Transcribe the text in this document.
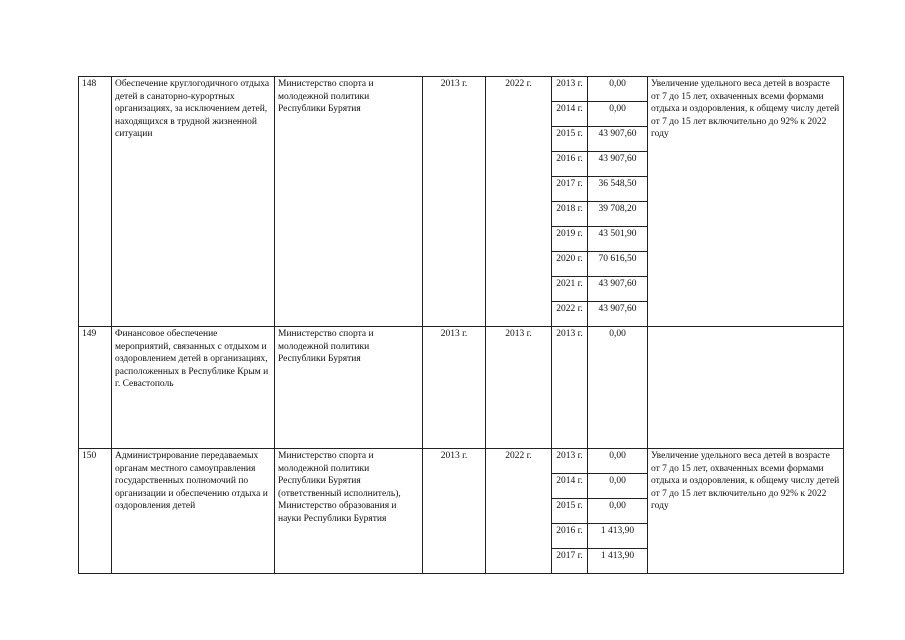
148	Обеспечение круглогодичного отдыха детей в санаторно-курортных организациях, за исключением детей, находящихся в трудной жизненной ситуации	Министерство спорта и молодежной политики Республики Бурятия	2013 г.	2022 г.	2013 г.	0,00	Увеличение удельного веса детей в возрасте от 7 до 15 лет, охваченных всеми формами отдыха и оздоровления, к общему числу детей от 7 до 15 лет включительно до 92% к 2022 году
					2014 г.	0,00	
					2015 г.	43 907,60	
					2016 г.	43 907,60	
					2017 г.	36 548,50	
					2018 г.	39 708,20	
					2019 г.	43 501,90	
					2020 г.	70 616,50	
					2021 г.	43 907,60	
					2022 г.	43 907,60	
149	Финансовое обеспечение мероприятий, связанных с отдыхом и оздоровлением детей в организациях, расположенных в Республике Крым и г. Севастополь	Министерство спорта и молодежной политики Республики Бурятия	2013 г.	2013 г.	2013 г.	0,00	
150	Администрирование передаваемых органам местного самоуправления государственных полномочий по организации и обеспечению отдыха и оздоровления детей	Министерство спорта и молодежной политики Республики Бурятия (ответственный исполнитель), Министерство образования и науки Республики Бурятия	2013 г.	2022 г.	2013 г.	0,00	Увеличение удельного веса детей в возрасте от 7 до 15 лет, охваченных всеми формами отдыха и оздоровления, к общему числу детей от 7 до 15 лет включительно до 92% к 2022 году
					2014 г.	0,00	
					2015 г.	0,00	
					2016 г.	1 413,90	
					2017 г.	1 413,90	
